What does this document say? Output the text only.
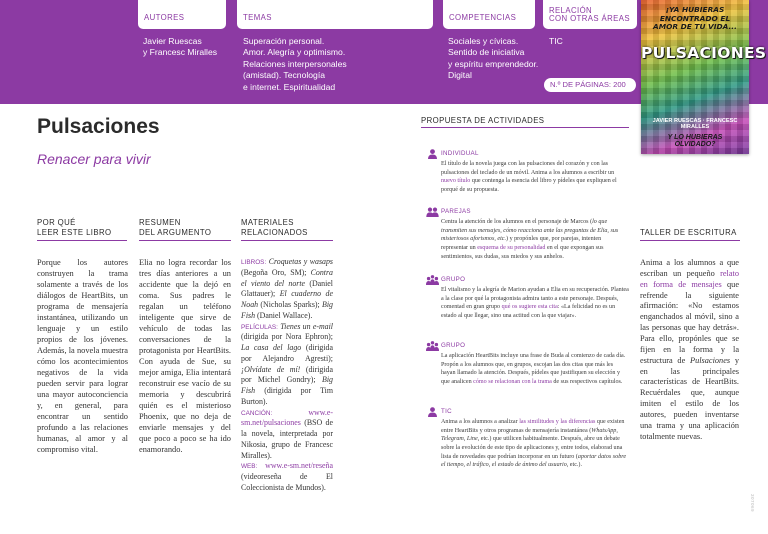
AUTORES	TEMAS	COMPETENCIAS
RELACIÓN
CON OTRAS ÁREAS
Javier Ruescas
y Francesc Miralles
Superación personal.
Amor. Alegría y optimismo.
Relaciones interpersonales
(amistad). Tecnología
e internet. Espiritualidad
Sociales y cívicas.
Sentido de iniciativa
y espíritu emprendedor.
Digital
TIC
N.º DE PÁGINAS: 200
¡YA HUBIERAS ENCONTRADO EL AMOR DE TU VIDA...
PULSACIONES
JAVIER RUESCAS · FRANCESC MIRALLES
Y LO HUBIERAS OLVIDADO?
Pulsaciones
Renacer para vivir
POR QUÉ
LEER ESTE LIBRO
RESUMEN
DEL ARGUMENTO
MATERIALES
RELACIONADOS
Porque los autores construyen la trama solamente a través de los diálogos de HeartBits, un programa de mensajería instantánea, utilizando un lenguaje y un estilo propios de los jóvenes. Además, la novela muestra cómo los acontecimientos negativos de la vida pueden servir para lograr una mayor autoconciencia y, en general, para encontrar un sentido profundo a las relaciones humanas, al amor y al compromiso vital.
Elia no logra recordar los tres días anteriores a un accidente que la dejó en coma. Sus padres le regalan un teléfono inteligente que sirve de vehículo de todas las conversaciones de la protagonista por HeartBits. Con ayuda de Sue, su mejor amiga, Elia intentará reconstruir ese vacío de su memoria y descubrirá quién es el misterioso Phoenix, que no deja de enviarle mensajes y del que poco a poco se ha ido enamorando.
LIBROS: Croquetas y wasaps (Begoña Oro, SM); Contra el viento del norte (Daniel Glattauer); El cuaderno de Noah (Nicholas Sparks); Big Fish (Daniel Wallace).
PELÍCULAS: Tienes un e-mail (dirigida por Nora Ephron); La casa del lago (dirigida por Alejandro Agresti); ¡Olvídate de mí! (dirigida por Michel Gondry); Big Fish (dirigida por Tim Burton).
CANCIÓN:	www.e-sm.net/pulsaciones (BSO de la novela, interpretada por Nikosia, grupo de Francesc Miralles).
WEB: www.e-sm.net/reseña (videoreseña de El Coleccionista de Mundos).
PROPUESTA DE ACTIVIDADES
INDIVIDUAL
El título de la novela juega con las pulsaciones del corazón y con las pulsaciones del teclado de un móvil. Anima a los alumnos a escribir un nuevo título que contenga la esencia del libro y pídeles que expliquen el porqué de su propuesta.
PAREJAS
Centra la atención de los alumnos en el personaje de Marcos (lo que transmiten sus mensajes, cómo reacciona ante las preguntas de Elia, sus misteriosos aforismos, etc.) y propónles que, por parejas, intenten representar un esquema de su personalidad en el que expongan sus sentimientos, sus dudas, sus miedos y sus anhelos.
GRUPO
El vitalismo y la alegría de Marion ayudan a Elia en su recuperación. Plantea a la clase por qué la protagonista admira tanto a este personaje. Después, comentad en gran grupo qué os sugiere esta cita: «La felicidad no es un estado al que llegar, sino una actitud con la que viajar».
GRUPO
La aplicación HeartBits incluye una frase de Buda al comienzo de cada día. Propón a los alumnos que, en grupos, escojan las dos citas que más les hayan llamado la atención. Después, pídeles que justifiquen su elección y que analicen cómo se relacionan con la trama de sus respectivos capítulos.
TIC
Anima a los alumnos a analizar las similitudes y las diferencias que existen entre HeartBits y otros programas de mensajería instantánea (WhatsApp, Telegram, Line, etc.) que utilicen habitualmente. Después, abre un debate sobre la evolución de este tipo de aplicaciones y, entre todos, elaborad una lista de novedades que podrían incorporar en un futuro (aportar datos sobre el tiempo, el tráfico, el estado de ánimo del usuario, etc.).
TALLER DE ESCRITURA
Anima a los alumnos a que escriban un pequeño relato en forma de mensajes que refrende la siguiente afirmación: «No estamos enganchados al móvil, sino a las personas que hay detrás». Para ello, propónles que se fijen en la forma y la estructura de Pulsaciones y en las principales características de HeartBits. Recuérdales que, aunque imiten el estilo de los autores, pueden inventarse una trama y una aplicación totalmente nuevas.
307069
